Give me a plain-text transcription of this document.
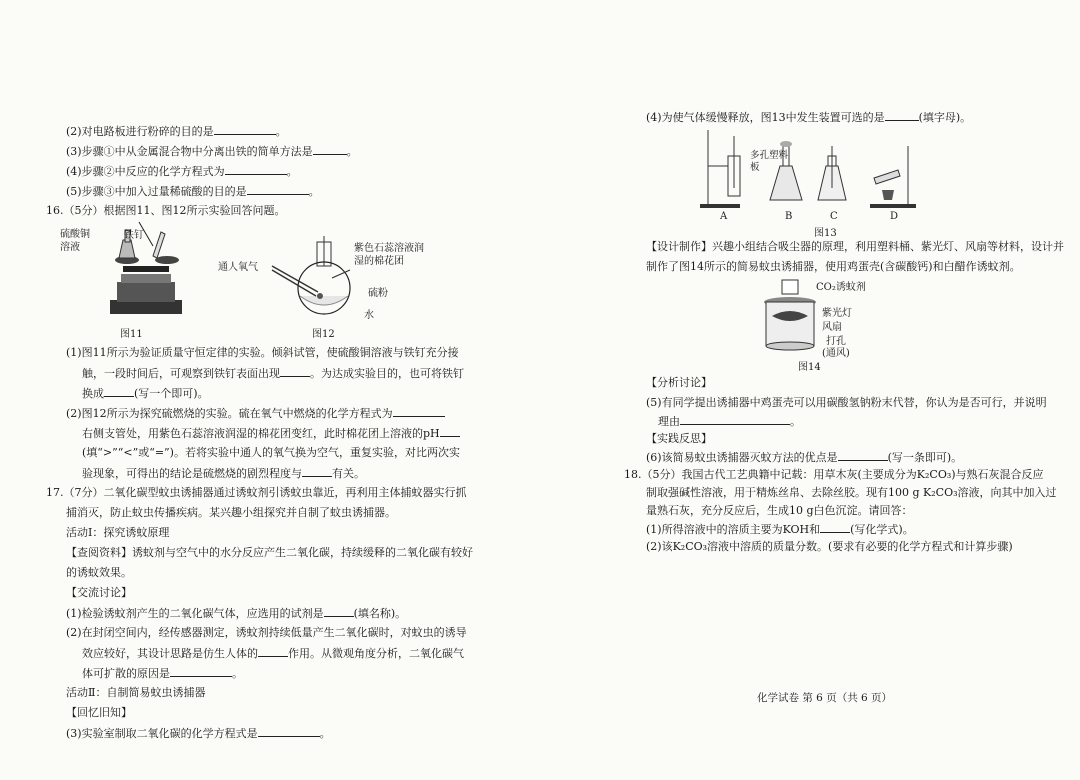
(2)对电路板进行粉碎的目的是	。
(3)步骤①中从金属混合物中分离出铁的简单方法是	。
(4)步骤②中反应的化学方程式为	。
(5)步骤③中加入过量稀硫酸的目的是	。
16.（5分）根据图11、图12所示实验回答问题。
硫酸铜溶液
铁钉
图11
通人氧气
紫色石蕊溶液润湿的棉花团
硫粉
水
图12
(1)图11所示为验证质量守恒定律的实验。倾斜试管，使硫酸铜溶液与铁钉充分接
触，一段时间后，可观察到铁钉表面出现	。为达成实验目的，也可将铁钉
换成	(写一个即可)。
(2)图12所示为探究硫燃烧的实验。硫在氧气中燃烧的化学方程式为
右侧支管处，用紫色石蕊溶液润湿的棉花团变红，此时棉花团上溶液的pH
(填“>”“<”或“=”)。若将实验中通人的氧气换为空气，重复实验，对比两次实
验现象，可得出的结论是硫燃烧的剧烈程度与	有关。
17.（7分）二氧化碳型蚊虫诱捕器通过诱蚊剂引诱蚊虫靠近，再利用主体捕蚊器实行抓
捕消灭，防止蚊虫传播疾病。某兴趣小组探究并自制了蚊虫诱捕器。
活动Ⅰ：探究诱蚊原理
【查阅资料】诱蚊剂与空气中的水分反应产生二氧化碳，持续缓释的二氧化碳有较好
的诱蚊效果。
【交流讨论】
(1)检验诱蚊剂产生的二氧化碳气体，应选用的试剂是	(填名称)。
(2)在封闭空间内，经传感器测定，诱蚊剂持续低量产生二氧化碳时，对蚊虫的诱导
效应较好，其设计思路是仿生人体的	作用。从微观角度分析，二氧化碳气
体可扩散的原因是	。
活动Ⅱ：自制简易蚊虫诱捕器
【回忆旧知】
(3)实验室制取二氧化碳的化学方程式是	。
(4)为使气体缓慢释放，图13中发生装置可选的是	(填字母)。
多孔塑料板
A	B	C	D
图13
【设计制作】兴趣小组结合吸尘器的原理，利用塑料桶、紫光灯、风扇等材料，设计并
制作了图14所示的简易蚊虫诱捕器，使用鸡蛋壳(含碳酸钙)和白醋作诱蚊剂。
CO₂诱蚊剂
紫光灯
风扇
打孔
(通风)
图14
【分析讨论】
(5)有同学提出诱捕器中鸡蛋壳可以用碳酸氢钠粉末代替，你认为是否可行，并说明
理由	。
【实践反思】
(6)该简易蚊虫诱捕器灭蚊方法的优点是	(写一条即可)。
18.（5分）我国古代工艺典籍中记载：用草木灰(主要成分为K₂CO₃)与熟石灰混合反应
制取强碱性溶液，用于精炼丝帛、去除丝胶。现有100 g K₂CO₃溶液，向其中加入过
量熟石灰，充分反应后，生成10 g白色沉淀。请回答：
(1)所得溶液中的溶质主要为KOH和	(写化学式)。
(2)该K₂CO₃溶液中溶质的质量分数。(要求有必要的化学方程式和计算步骤)
化学试卷 第 6 页（共 6 页）
